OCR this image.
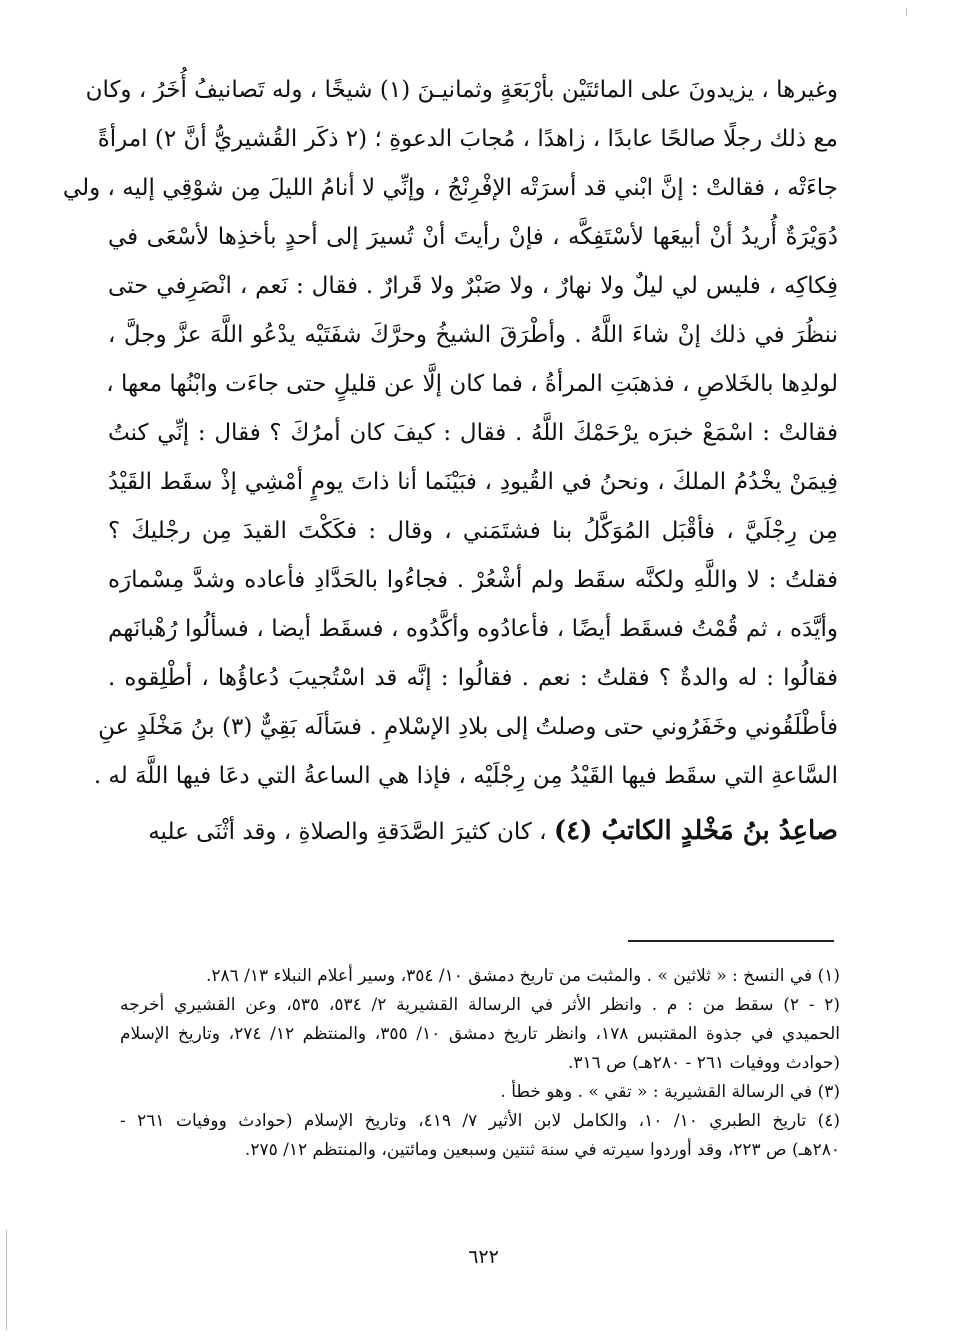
وغيرها ، يزيدونَ على المائتَيْن بأرْبَعَةٍ وثمانيـنَ (١) شيخًا ، وله تَصانيفُ أُخَرُ ، وكان
مع ذلك رجلًا صالحًا عابدًا ، زاهدًا ، مُجابَ الدعوةِ ؛ (٢ ذكَر القُشيريُّ أنَّ ٢) امرأةً
جاءَتْه ، فقالتْ : إنَّ ابْني قد أسرَتْه الإفْرِنْجُ ، وإنِّي لا أنامُ الليلَ مِن شوْقِي إليه ، ولي
دُوَيْرَةٌ أُريدُ أنْ أبيعَها لأسْتَفِكَّه ، فإنْ رأيتَ أنْ تُسيرَ إلى أحدٍ بأخذِها لأسْعَى في
فِكاكِه ، فليس لي ليلٌ ولا نهارٌ ، ولا صَبْرٌ ولا قَرارٌ . فقال : نَعم ، انْصَرِفي حتى
ننظُرَ في ذلك إنْ شاءَ اللَّهُ . وأطْرَقَ الشيخُ وحرَّكَ شفَتَيْه يدْعُو اللَّهَ عزَّ وجلَّ ،
لولدِها بالخَلاصِ ، فذهبَتِ المرأةُ ، فما كان إلَّا عن قليلٍ حتى جاءَت وابْنُها معها ،
فقالتْ : اسْمَعْ خبرَه يرْحَمْكَ اللَّهُ . فقال : كيفَ كان أمرُكَ ؟ فقال : إنِّي كنتُ
فِيمَنْ يخْدُمُ الملكَ ، ونحنُ في القُيودِ ، فبَيْنَما أنا ذاتَ يومٍ أمْشِي إذْ سقَط القَيْدُ
مِن رِجْلَيَّ ، فأقْبَل المُوَكَّلُ بنا فشتَمَني ، وقال : فكَكْتَ القيدَ مِن رجْليكَ ؟
فقلتُ : لا واللَّهِ ولكنَّه سقَط ولم أشْعُرْ . فجاءُوا بالحَدَّادِ فأعاده وشدَّ مِسْمارَه
وأيَّدَه ، ثم قُمْتُ فسقَط أيضًا ، فأعادُوه وأكَّدُوه ، فسقَط أيضا ، فسألُوا رُهْبانَهم
فقالُوا : له والدةٌ ؟ فقلتُ : نعم . فقالُوا : إنَّه قد اسْتُجيبَ دُعاؤُها ، أطْلِقوه .
فأطْلَقُوني وخَفَرُوني حتى وصلتُ إلى بلادِ الإسْلامِ . فسَألَه بَقِيٌّ (٣) بنُ مَخْلَدٍ عنِ
السَّاعةِ التي سقَط فيها القَيْدُ مِن رِجْلَيْه ، فإذا هي الساعةُ التي دعَا فيها اللَّهَ له .
صاعِدُ بنُ مَخْلدٍ الكاتبُ (٤) ، كان كثيرَ الصَّدَقةِ والصلاةِ ، وقد أثْنَى عليه
(١) في النسخ : « ثلاثين » . والمثبت من تاريخ دمشق ١٠/ ٣٥٤، وسير أعلام النبلاء ١٣/ ٢٨٦.
(٢ - ٢) سقط من : م . وانظر الأثر في الرسالة القشيرية ٢/ ٥٣٤، ٥٣٥، وعن القشيري أخرجه
الحميدي في جذوة المقتبس ١٧٨، وانظر تاريخ دمشق ١٠/ ٣٥٥، والمنتظم ١٢/ ٢٧٤، وتاريخ الإسلام
(حوادث ووفيات ٢٦١ - ٢٨٠هـ) ص ٣١٦.
(٣) في الرسالة القشيرية : « تقي » . وهو خطأ .
(٤) تاريخ الطبري ١٠/ ١٠، والكامل لابن الأثير ٧/ ٤١٩، وتاريخ الإسلام (حوادث ووفيات ٢٦١ -
٢٨٠هـ) ص ٢٢٣، وقد أوردوا سيرته في سنة ثنتين وسبعين ومائتين، والمنتظم ١٢/ ٢٧٥.
٦٢٢
